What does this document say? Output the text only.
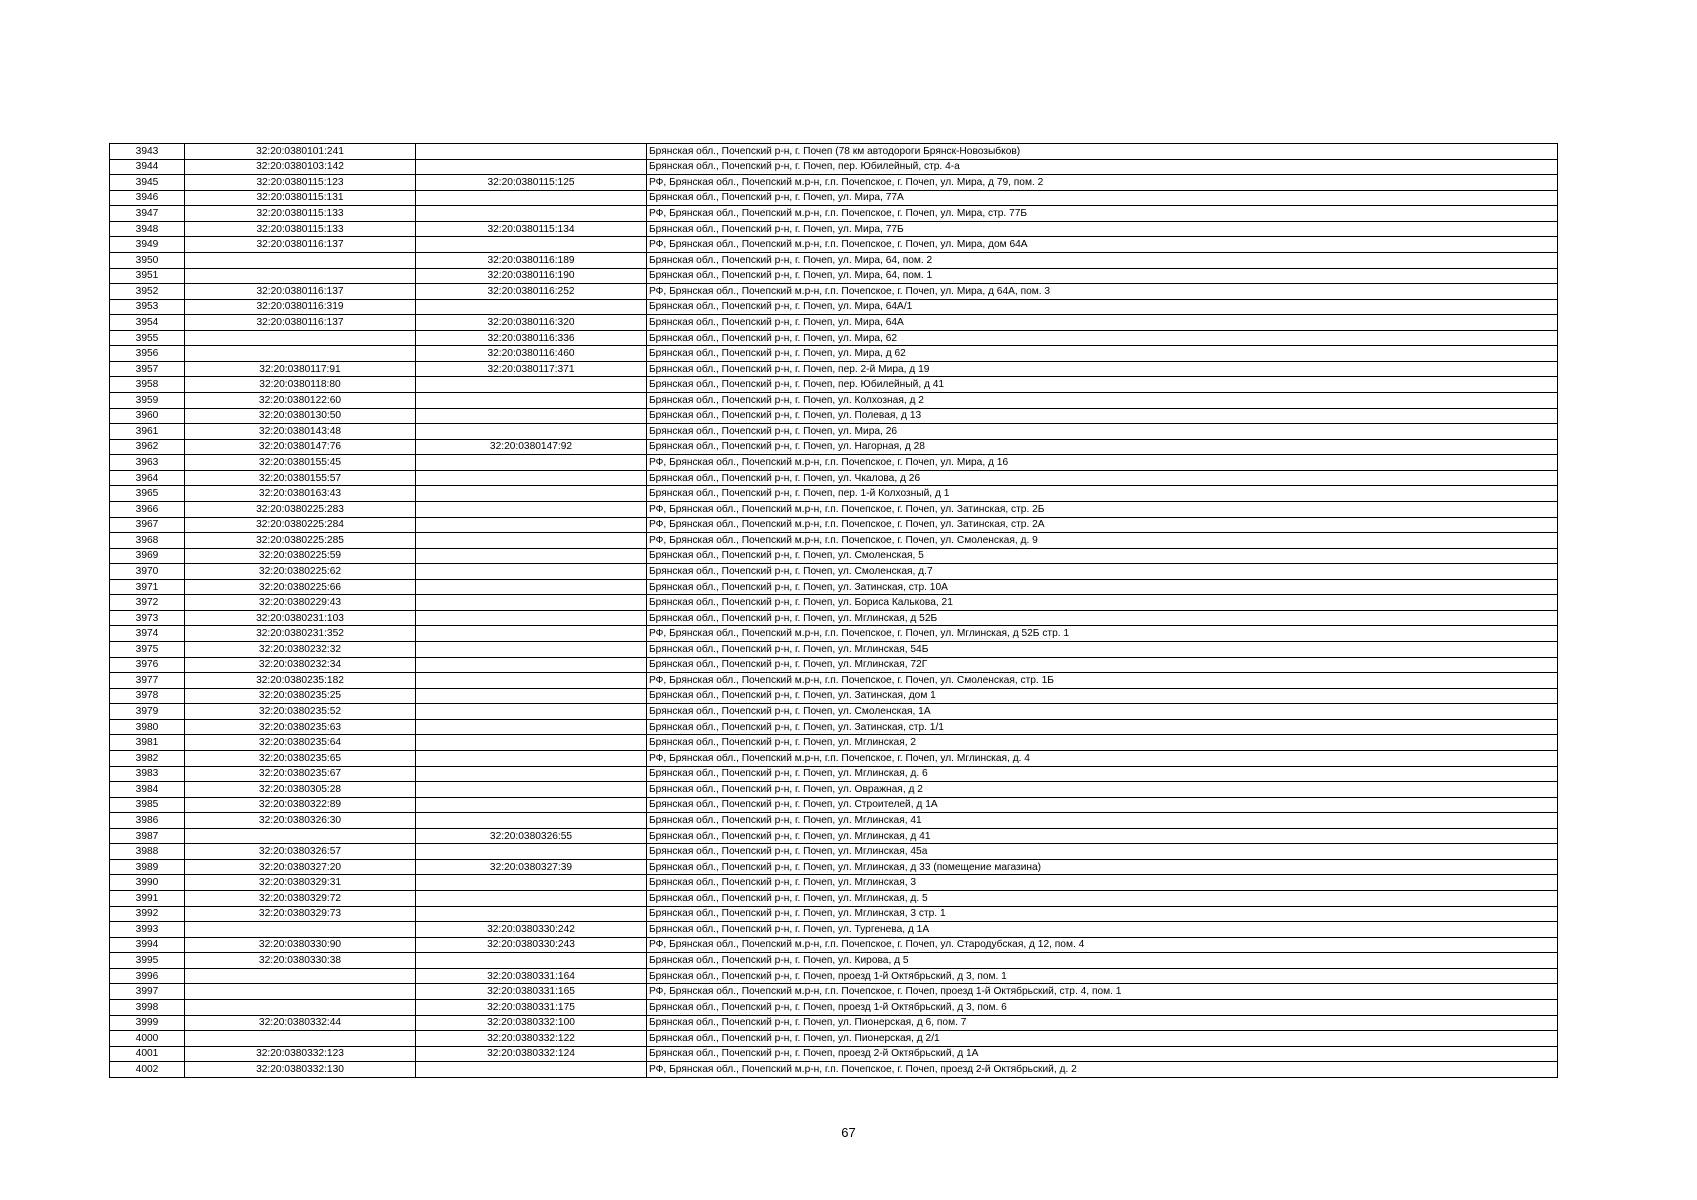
3943	32:20:0380101:241		Брянская обл., Почепский р-н, г. Почеп (78 км автодороги Брянск-Новозыбков)
3944	32:20:0380103:142		Брянская обл., Почепский р-н, г. Почеп, пер. Юбилейный, стр. 4-а
3945	32:20:0380115:123	32:20:0380115:125	РФ, Брянская обл., Почепский м.р-н, г.п. Почепское, г. Почеп, ул. Мира, д 79, пом. 2
3946	32:20:0380115:131		Брянская обл., Почепский р-н, г. Почеп, ул. Мира, 77А
3947	32:20:0380115:133		РФ, Брянская обл., Почепский м.р-н, г.п. Почепское, г. Почеп, ул. Мира, стр. 77Б
3948	32:20:0380115:133	32:20:0380115:134	Брянская обл., Почепский р-н, г. Почеп, ул. Мира, 77Б
3949	32:20:0380116:137		РФ, Брянская обл., Почепский м.р-н, г.п. Почепское, г. Почеп, ул. Мира, дом 64А
3950		32:20:0380116:189	Брянская обл., Почепский р-н, г. Почеп, ул. Мира, 64, пом. 2
3951		32:20:0380116:190	Брянская обл., Почепский р-н, г. Почеп, ул. Мира, 64, пом. 1
3952	32:20:0380116:137	32:20:0380116:252	РФ, Брянская обл., Почепский м.р-н, г.п. Почепское, г. Почеп, ул. Мира, д 64А, пом. 3
3953	32:20:0380116:319		Брянская обл., Почепский р-н, г. Почеп, ул. Мира, 64А/1
3954	32:20:0380116:137	32:20:0380116:320	Брянская обл., Почепский р-н, г. Почеп, ул. Мира, 64А
3955		32:20:0380116:336	Брянская обл., Почепский р-н, г. Почеп, ул. Мира, 62
3956		32:20:0380116:460	Брянская обл., Почепский р-н, г. Почеп, ул. Мира, д 62
3957	32:20:0380117:91	32:20:0380117:371	Брянская обл., Почепский р-н, г. Почеп, пер. 2-й Мира, д 19
3958	32:20:0380118:80		Брянская обл., Почепский р-н, г. Почеп, пер. Юбилейный, д 41
3959	32:20:0380122:60		Брянская обл., Почепский р-н, г. Почеп, ул. Колхозная, д 2
3960	32:20:0380130:50		Брянская обл., Почепский р-н, г. Почеп, ул. Полевая, д 13
3961	32:20:0380143:48		Брянская обл., Почепский р-н, г. Почеп, ул. Мира, 26
3962	32:20:0380147:76	32:20:0380147:92	Брянская обл., Почепский р-н, г. Почеп, ул. Нагорная, д 28
3963	32:20:0380155:45		РФ, Брянская обл., Почепский м.р-н, г.п. Почепское, г. Почеп, ул. Мира, д 16
3964	32:20:0380155:57		Брянская обл., Почепский р-н, г. Почеп, ул. Чкалова, д 26
3965	32:20:0380163:43		Брянская обл., Почепский р-н, г. Почеп, пер. 1-й Колхозный, д 1
3966	32:20:0380225:283		РФ, Брянская обл., Почепский м.р-н, г.п. Почепское, г. Почеп, ул. Затинская, стр. 2Б
3967	32:20:0380225:284		РФ, Брянская обл., Почепский м.р-н, г.п. Почепское, г. Почеп, ул. Затинская, стр. 2А
3968	32:20:0380225:285		РФ, Брянская обл., Почепский м.р-н, г.п. Почепское, г. Почеп, ул. Смоленская, д. 9
3969	32:20:0380225:59		Брянская обл., Почепский р-н, г. Почеп, ул. Смоленская, 5
3970	32:20:0380225:62		Брянская обл., Почепский р-н, г. Почеп, ул. Смоленская, д.7
3971	32:20:0380225:66		Брянская обл., Почепский р-н, г. Почеп, ул. Затинская, стр. 10А
3972	32:20:0380229:43		Брянская обл., Почепский р-н, г. Почеп, ул. Бориса Калькова, 21
3973	32:20:0380231:103		Брянская обл., Почепский р-н, г. Почеп, ул. Мглинская, д 52Б
3974	32:20:0380231:352		РФ, Брянская обл., Почепский м.р-н, г.п. Почепское, г. Почеп, ул. Мглинская, д 52Б стр. 1
3975	32:20:0380232:32		Брянская обл., Почепский р-н, г. Почеп, ул. Мглинская, 54Б
3976	32:20:0380232:34		Брянская обл., Почепский р-н, г. Почеп, ул. Мглинская, 72Г
3977	32:20:0380235:182		РФ, Брянская обл., Почепский м.р-н, г.п. Почепское, г. Почеп, ул. Смоленская, стр. 1Б
3978	32:20:0380235:25		Брянская обл., Почепский р-н, г. Почеп, ул. Затинская, дом 1
3979	32:20:0380235:52		Брянская обл., Почепский р-н, г. Почеп, ул. Смоленская, 1А
3980	32:20:0380235:63		Брянская обл., Почепский р-н, г. Почеп, ул. Затинская, стр. 1/1
3981	32:20:0380235:64		Брянская обл., Почепский р-н, г. Почеп, ул. Мглинская, 2
3982	32:20:0380235:65		РФ, Брянская обл., Почепский м.р-н, г.п. Почепское, г. Почеп, ул. Мглинская, д. 4
3983	32:20:0380235:67		Брянская обл., Почепский р-н, г. Почеп, ул. Мглинская, д. 6
3984	32:20:0380305:28		Брянская обл., Почепский р-н, г. Почеп, ул. Овражная, д 2
3985	32:20:0380322:89		Брянская обл., Почепский р-н, г. Почеп, ул. Строителей, д 1А
3986	32:20:0380326:30		Брянская обл., Почепский р-н, г. Почеп, ул. Мглинская, 41
3987		32:20:0380326:55	Брянская обл., Почепский р-н, г. Почеп, ул. Мглинская, д 41
3988	32:20:0380326:57		Брянская обл., Почепский р-н, г. Почеп, ул. Мглинская, 45а
3989	32:20:0380327:20	32:20:0380327:39	Брянская обл., Почепский р-н, г. Почеп, ул. Мглинская, д 33 (помещение магазина)
3990	32:20:0380329:31		Брянская обл., Почепский р-н, г. Почеп, ул. Мглинская, 3
3991	32:20:0380329:72		Брянская обл., Почепский р-н, г. Почеп, ул. Мглинская, д. 5
3992	32:20:0380329:73		Брянская обл., Почепский р-н, г. Почеп, ул. Мглинская, 3 стр. 1
3993		32:20:0380330:242	Брянская обл., Почепский р-н, г. Почеп, ул. Тургенева, д 1А
3994	32:20:0380330:90	32:20:0380330:243	РФ, Брянская обл., Почепский м.р-н, г.п. Почепское, г. Почеп, ул. Стародубская, д 12, пом. 4
3995	32:20:0380330:38		Брянская обл., Почепский р-н, г. Почеп, ул. Кирова, д 5
3996		32:20:0380331:164	Брянская обл., Почепский р-н, г. Почеп, проезд 1-й Октябрьский, д 3, пом. 1
3997		32:20:0380331:165	РФ, Брянская обл., Почепский м.р-н, г.п. Почепское, г. Почеп, проезд 1-й Октябрьский, стр. 4, пом. 1
3998		32:20:0380331:175	Брянская обл., Почепский р-н, г. Почеп, проезд 1-й Октябрьский, д 3, пом. 6
3999	32:20:0380332:44	32:20:0380332:100	Брянская обл., Почепский р-н, г. Почеп, ул. Пионерская, д 6, пом. 7
4000		32:20:0380332:122	Брянская обл., Почепский р-н, г. Почеп, ул. Пионерская, д 2/1
4001	32:20:0380332:123	32:20:0380332:124	Брянская обл., Почепский р-н, г. Почеп, проезд 2-й Октябрьский, д 1А
4002	32:20:0380332:130		РФ, Брянская обл., Почепский м.р-н, г.п. Почепское, г. Почеп, проезд 2-й Октябрьский, д. 2
67
